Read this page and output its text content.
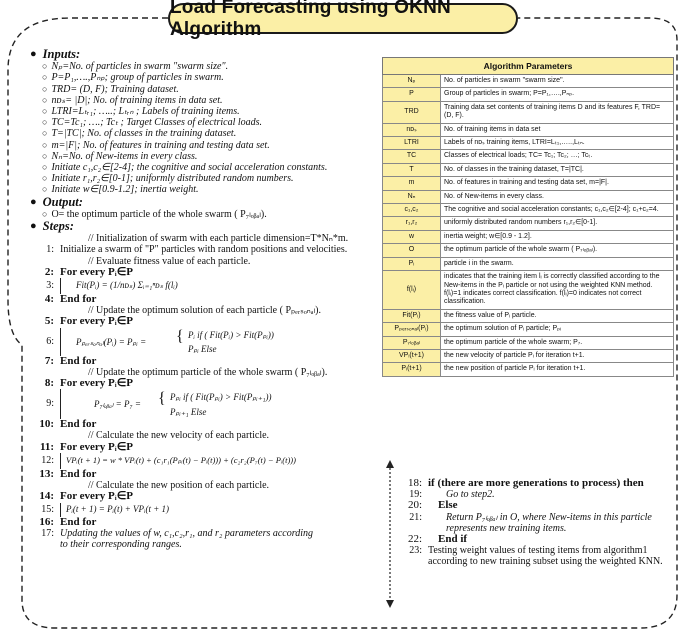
Load Forecasting using OKNN Algorithm
● Inputs:
○ Nₚ=No. of particles in swarm "swarm size".
○ P=P₁,….,Pₙₚ; group of particles in swarm.
○ TRD= (D, F); Training dataset.
○ nᴅₛ= |D|; No. of training items in data set.
○ LTRI=Lₜᵣ₁; …..; Lₜᵣₙ ; Labels of training items.
○ TC=Tc₁; ….; Tcₜ ; Target Classes of electrical loads.
○ T=|TC|; No. of classes in the training dataset.
○ m=|F|; No. of features in training and testing data set.
○ Nₙ=No. of New-items in every class.
○ Initiate c₁,c₂∈[2-4]; the cognitive and social acceleration constants.
○ Initiate r₁,r₂∈[0-1]; uniformly distributed random numbers.
○ Initiate w∈[0.9-1.2]; inertia weight.
● Output:
○ O= the optimum particle of the whole swarm ( P₇ₗₒᵦₐₗ).
● Steps:
// Initialization of swarm with each particle dimension=T*Nₙ*m.
1: Initialize a swarm of "P" particles with random positions and velocities.
// Evaluate fitness value of each particle.
2: For every Pᵢ∈P
3: Fit(Pᵢ) = (1/nᴅₛ) Σᵢ₌₁ⁿᴅₛ f(lᵢ)
4: End for
// Update the optimum solution of each particle ( Pₚₑᵣₛₒₙₐₗ).
5: For every Pᵢ∈P
6: Pₚₑᵣₛₒₙₐₗ(Pᵢ) = Pₚᵢ = { Pᵢ if ( Fit(Pᵢ) > Fit(Pₚᵢ))
Pₚᵢ Else
7: End for
// Update the optimum particle of the whole swarm ( P₇ₗₒᵦₐₗ).
8: For every Pᵢ∈P
9:	P₇ₗₒᵦₐₗ = P₇ = { Pₚᵢ if ( Fit(Pₚᵢ) > Fit(Pₚᵢ₊₁))
Pₚᵢ₊₁ Else
10: End for
// Calculate the new velocity of each particle.
11: For every Pᵢ∈P
12: VPᵢ(t + 1) = w * VPᵢ(t) + (c₁r₁(Pₚᵢ(t) − Pᵢ(t))) + (c₂r₂(P₇(t) − Pᵢ(t)))
13: End for
// Calculate the new position of each particle.
14: For every Pᵢ∈P
15: Pᵢ(t + 1) = Pᵢ(t) + VPᵢ(t + 1)
16: End for
17: Updating the values of w, c₁,c₂,r₁, and r₂ parameters according
to their corresponding ranges.
Algorithm Parameters	
Nₚ	No. of particles in swarm "swarm size".
P	Group of particles in swarm; P=P₁,….,Pₙₚ.
TRD	Training data set contents of training items D and its features F, TRD= (D, F).
nᴅₛ	No. of training items in data set
LTRI	Labels of nᴅₛ training items, LTRI=Lₜ₁,…..,Lₜₙ.
TC	Classes of electrical loads; TC= Tc₁; Tc₂; …; Tcₜ.
T	No. of classes in the training dataset, T=|TC|.
m	No. of features in training and testing data set, m=|F|.
Nₙ	No. of New-items in every class.
c₁,c₂	The cognitive and social acceleration constants; c₁,c₂∈[2-4]; c₁+c₂=4.
r₁,r₂	uniformly distributed random numbers r₁,r₂∈[0-1].
w	inertia weight; w∈[0.9 - 1.2].
O	the optimum particle of the whole swarm ( P₇ₗₒᵦₐₗ).
Pᵢ	particle i in the swarm.
f(lᵢ)	indicates that the training item lᵢ is correctly classified according to the New-items in the Pᵢ particle or not using the weighted KNN method. f(lᵢ)=1 indicates correct classification. f(lᵢ)=0 indicates not correct classification.
Fit(Pᵢ)	the fitness value of Pᵢ particle.
Pₚₑᵣₛₒₙₐₗ(Pᵢ)	the optimum solution of Pᵢ particle; Pₚᵢ
P₇ₗₒᵦₐₗ	the optimum particle of the whole swarm; P₇.
VPᵢ(t+1)	the new velocity of particle Pᵢ for iteration t+1.
Pᵢ(t+1)	the new position of particle Pᵢ for iteration t+1.
18: if (there are more generations to process) then
19: Go to step2.
20: Else
21: Return P₇ₗₒᵦₐₗ in O, where New-items in this particle represents new training items.
22: End if
23: Testing weight values of testing items from algorithm1 according to new training subset using the weighted KNN.
